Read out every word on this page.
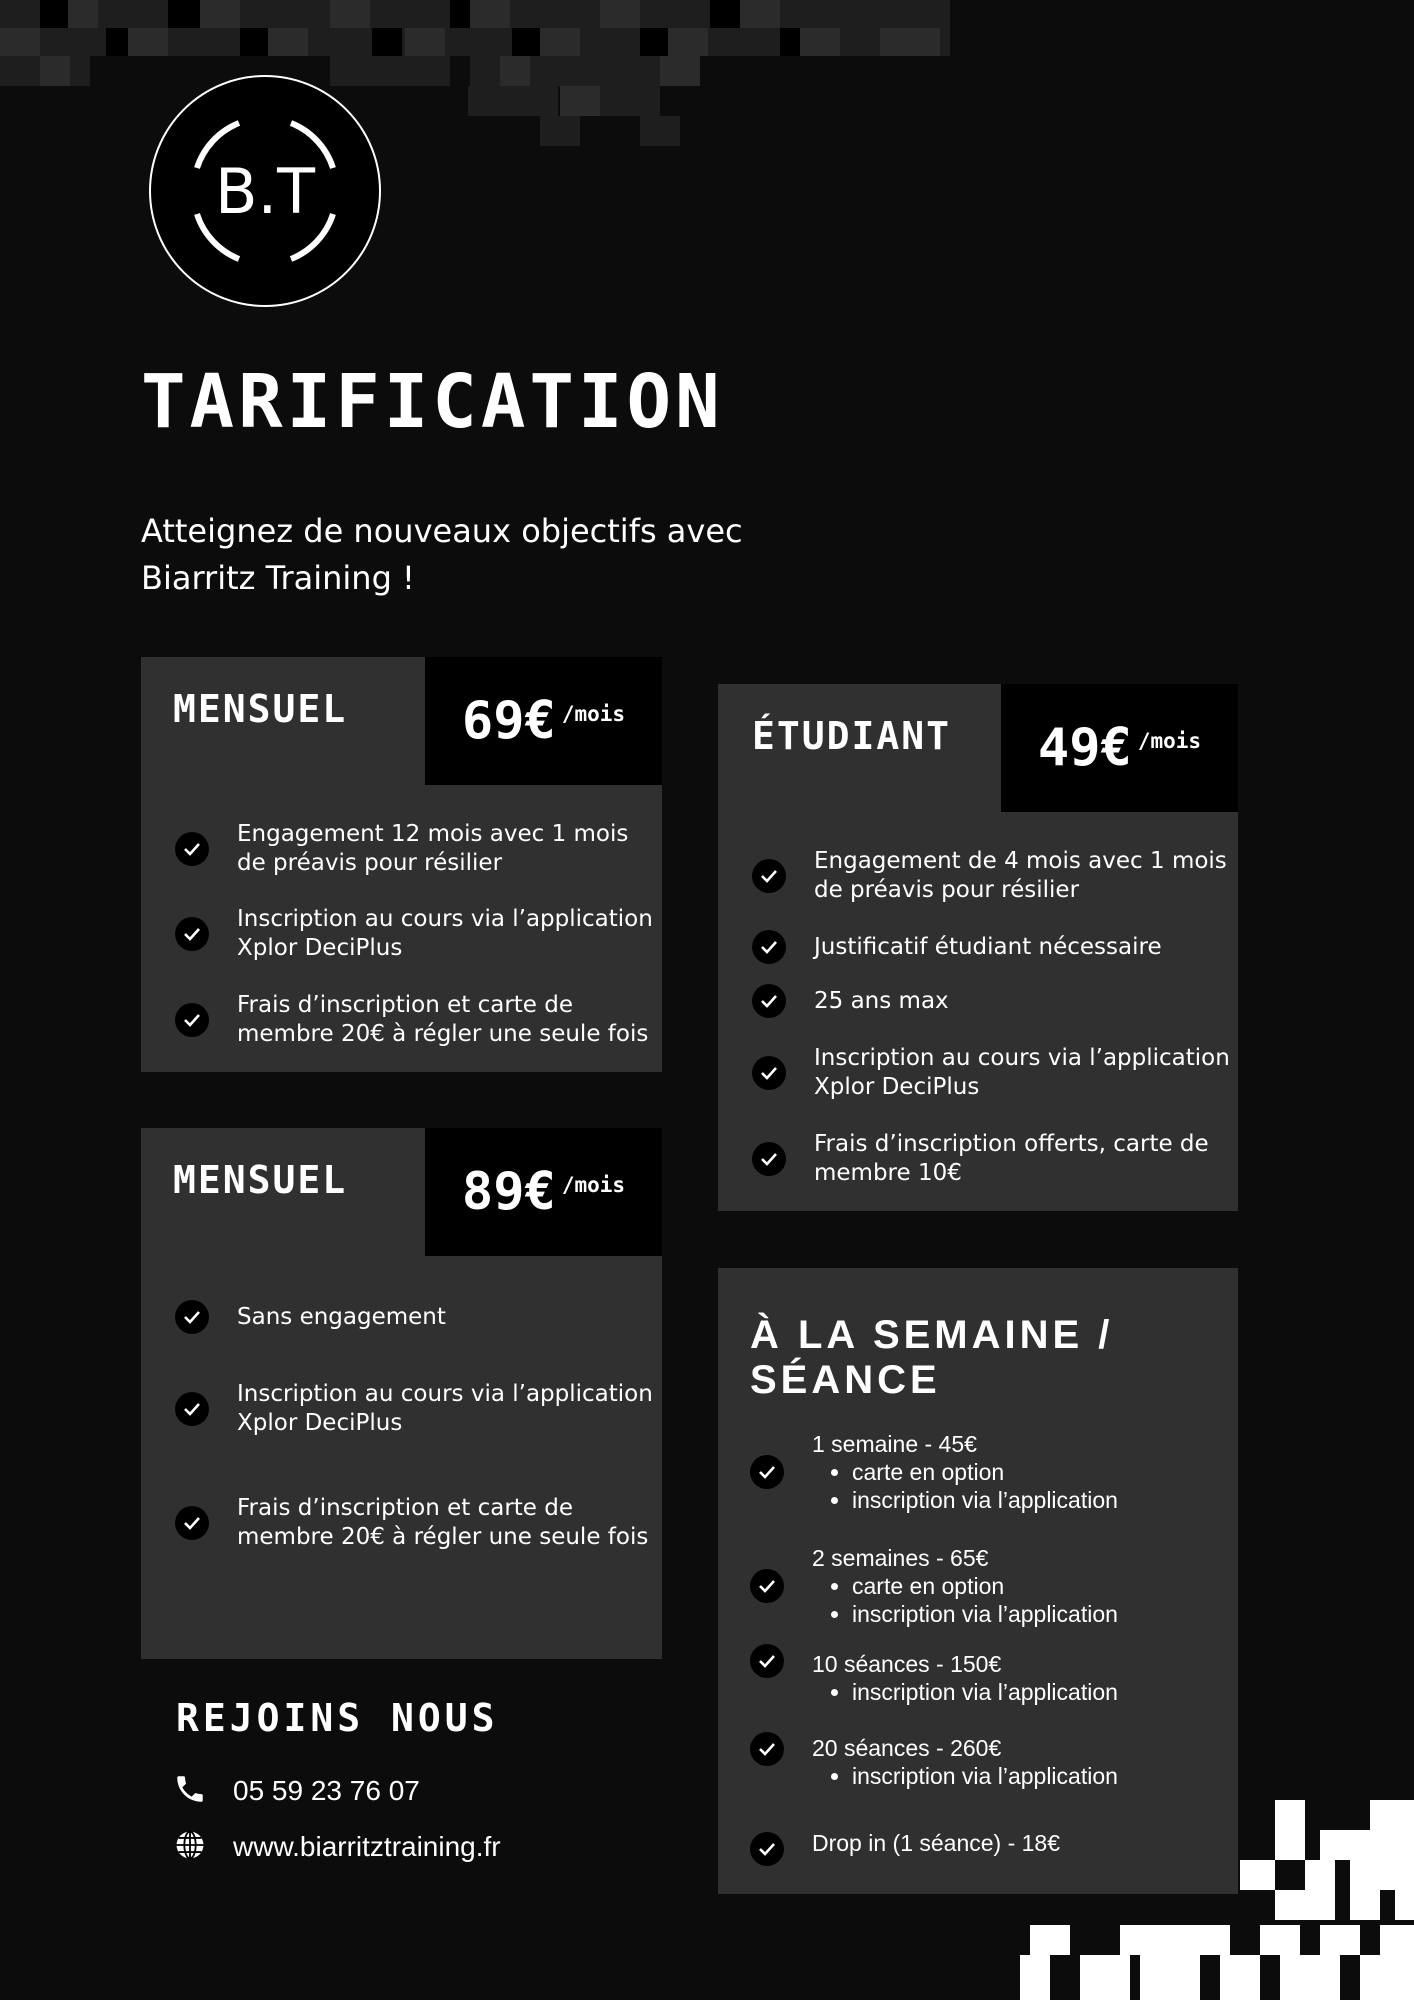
B.T
TARIFICATION
Atteignez de nouveaux objectifs avec
Biarritz Training !
MENSUEL 69€ /mois
Engagement 12 mois avec 1 mois
de préavis pour résilier
Inscription au cours via l’application
Xplor DeciPlus
Frais d’inscription et carte de
membre 20€ à régler une seule fois
MENSUEL 89€ /mois
Sans engagement
Inscription au cours via l’application
Xplor DeciPlus
Frais d’inscription et carte de
membre 20€ à régler une seule fois
ÉTUDIANT 49€ /mois
Engagement de 4 mois avec 1 mois
de préavis pour résilier
Justificatif étudiant nécessaire
25 ans max
Inscription au cours via l’application
Xplor DeciPlus
Frais d’inscription offerts, carte de
membre 10€
À LA SEMAINE / SÉANCE
1 semaine - 45€
• carte en option
• inscription via l’application
2 semaines - 65€
• carte en option
• inscription via l’application
10 séances - 150€
• inscription via l’application
20 séances - 260€
• inscription via l’application
Drop in (1 séance) - 18€
REJOINS NOUS
05 59 23 76 07
www.biarritztraining.fr
